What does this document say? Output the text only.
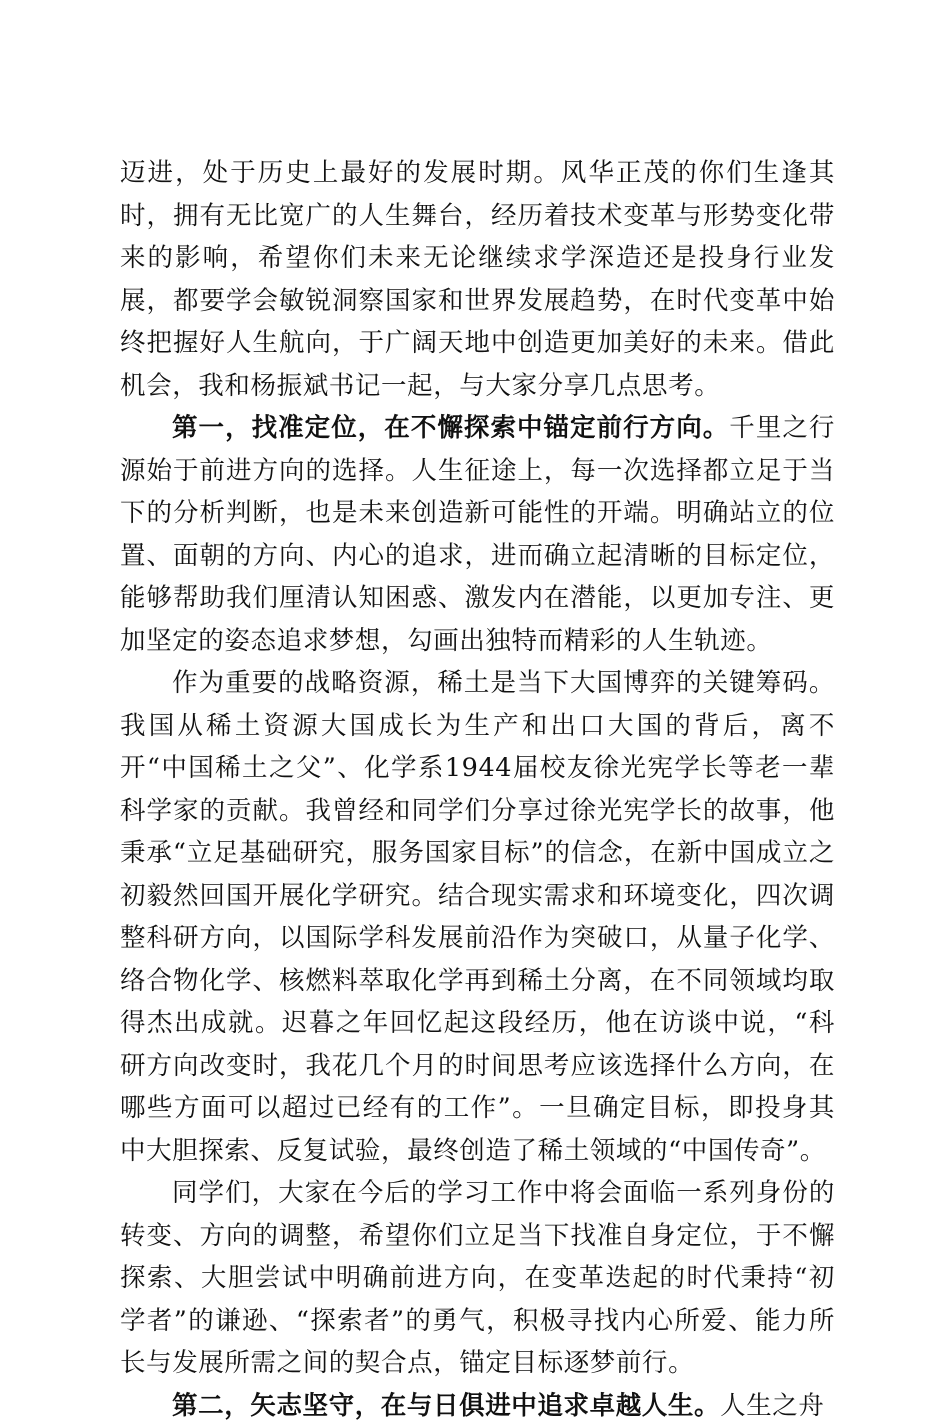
迈进，处于历史上最好的发展时期。风华正茂的你们生逢其时，拥有无比宽广的人生舞台，经历着技术变革与形势变化带来的影响，希望你们未来无论继续求学深造还是投身行业发展，都要学会敏锐洞察国家和世界发展趋势，在时代变革中始终把握好人生航向，于广阔天地中创造更加美好的未来。借此机会，我和杨振斌书记一起，与大家分享几点思考。

第一，找准定位，在不懈探索中锚定前行方向。千里之行源始于前进方向的选择。人生征途上，每一次选择都立足于当下的分析判断，也是未来创造新可能性的开端。明确站立的位置、面朝的方向、内心的追求，进而确立起清晰的目标定位，能够帮助我们厘清认知困惑、激发内在潜能，以更加专注、更加坚定的姿态追求梦想，勾画出独特而精彩的人生轨迹。

作为重要的战略资源，稀土是当下大国博弈的关键筹码。我国从稀土资源大国成长为生产和出口大国的背后，离不开“中国稀土之父”、化学系1944届校友徐光宪学长等老一辈科学家的贡献。我曾经和同学们分享过徐光宪学长的故事，他秉承“立足基础研究，服务国家目标”的信念，在新中国成立之初毅然回国开展化学研究。结合现实需求和环境变化，四次调整科研方向，以国际学科发展前沿作为突破口，从量子化学、络合物化学、核燃料萃取化学再到稀土分离，在不同领域均取得杰出成就。迟暮之年回忆起这段经历，他在访谈中说，“科研方向改变时，我花几个月的时间思考应该选择什么方向，在哪些方面可以超过已经有的工作”。一旦确定目标，即投身其中大胆探索、反复试验，最终创造了稀土领域的“中国传奇”。

同学们，大家在今后的学习工作中将会面临一系列身份的转变、方向的调整，希望你们立足当下找准自身定位，于不懈探索、大胆尝试中明确前进方向，在变革迭起的时代秉持“初学者”的谦逊、“探索者”的勇气，积极寻找内心所爱、能力所长与发展所需之间的契合点，锚定目标逐梦前行。

第二，矢志坚守，在与日俱进中追求卓越人生。人生之舟
